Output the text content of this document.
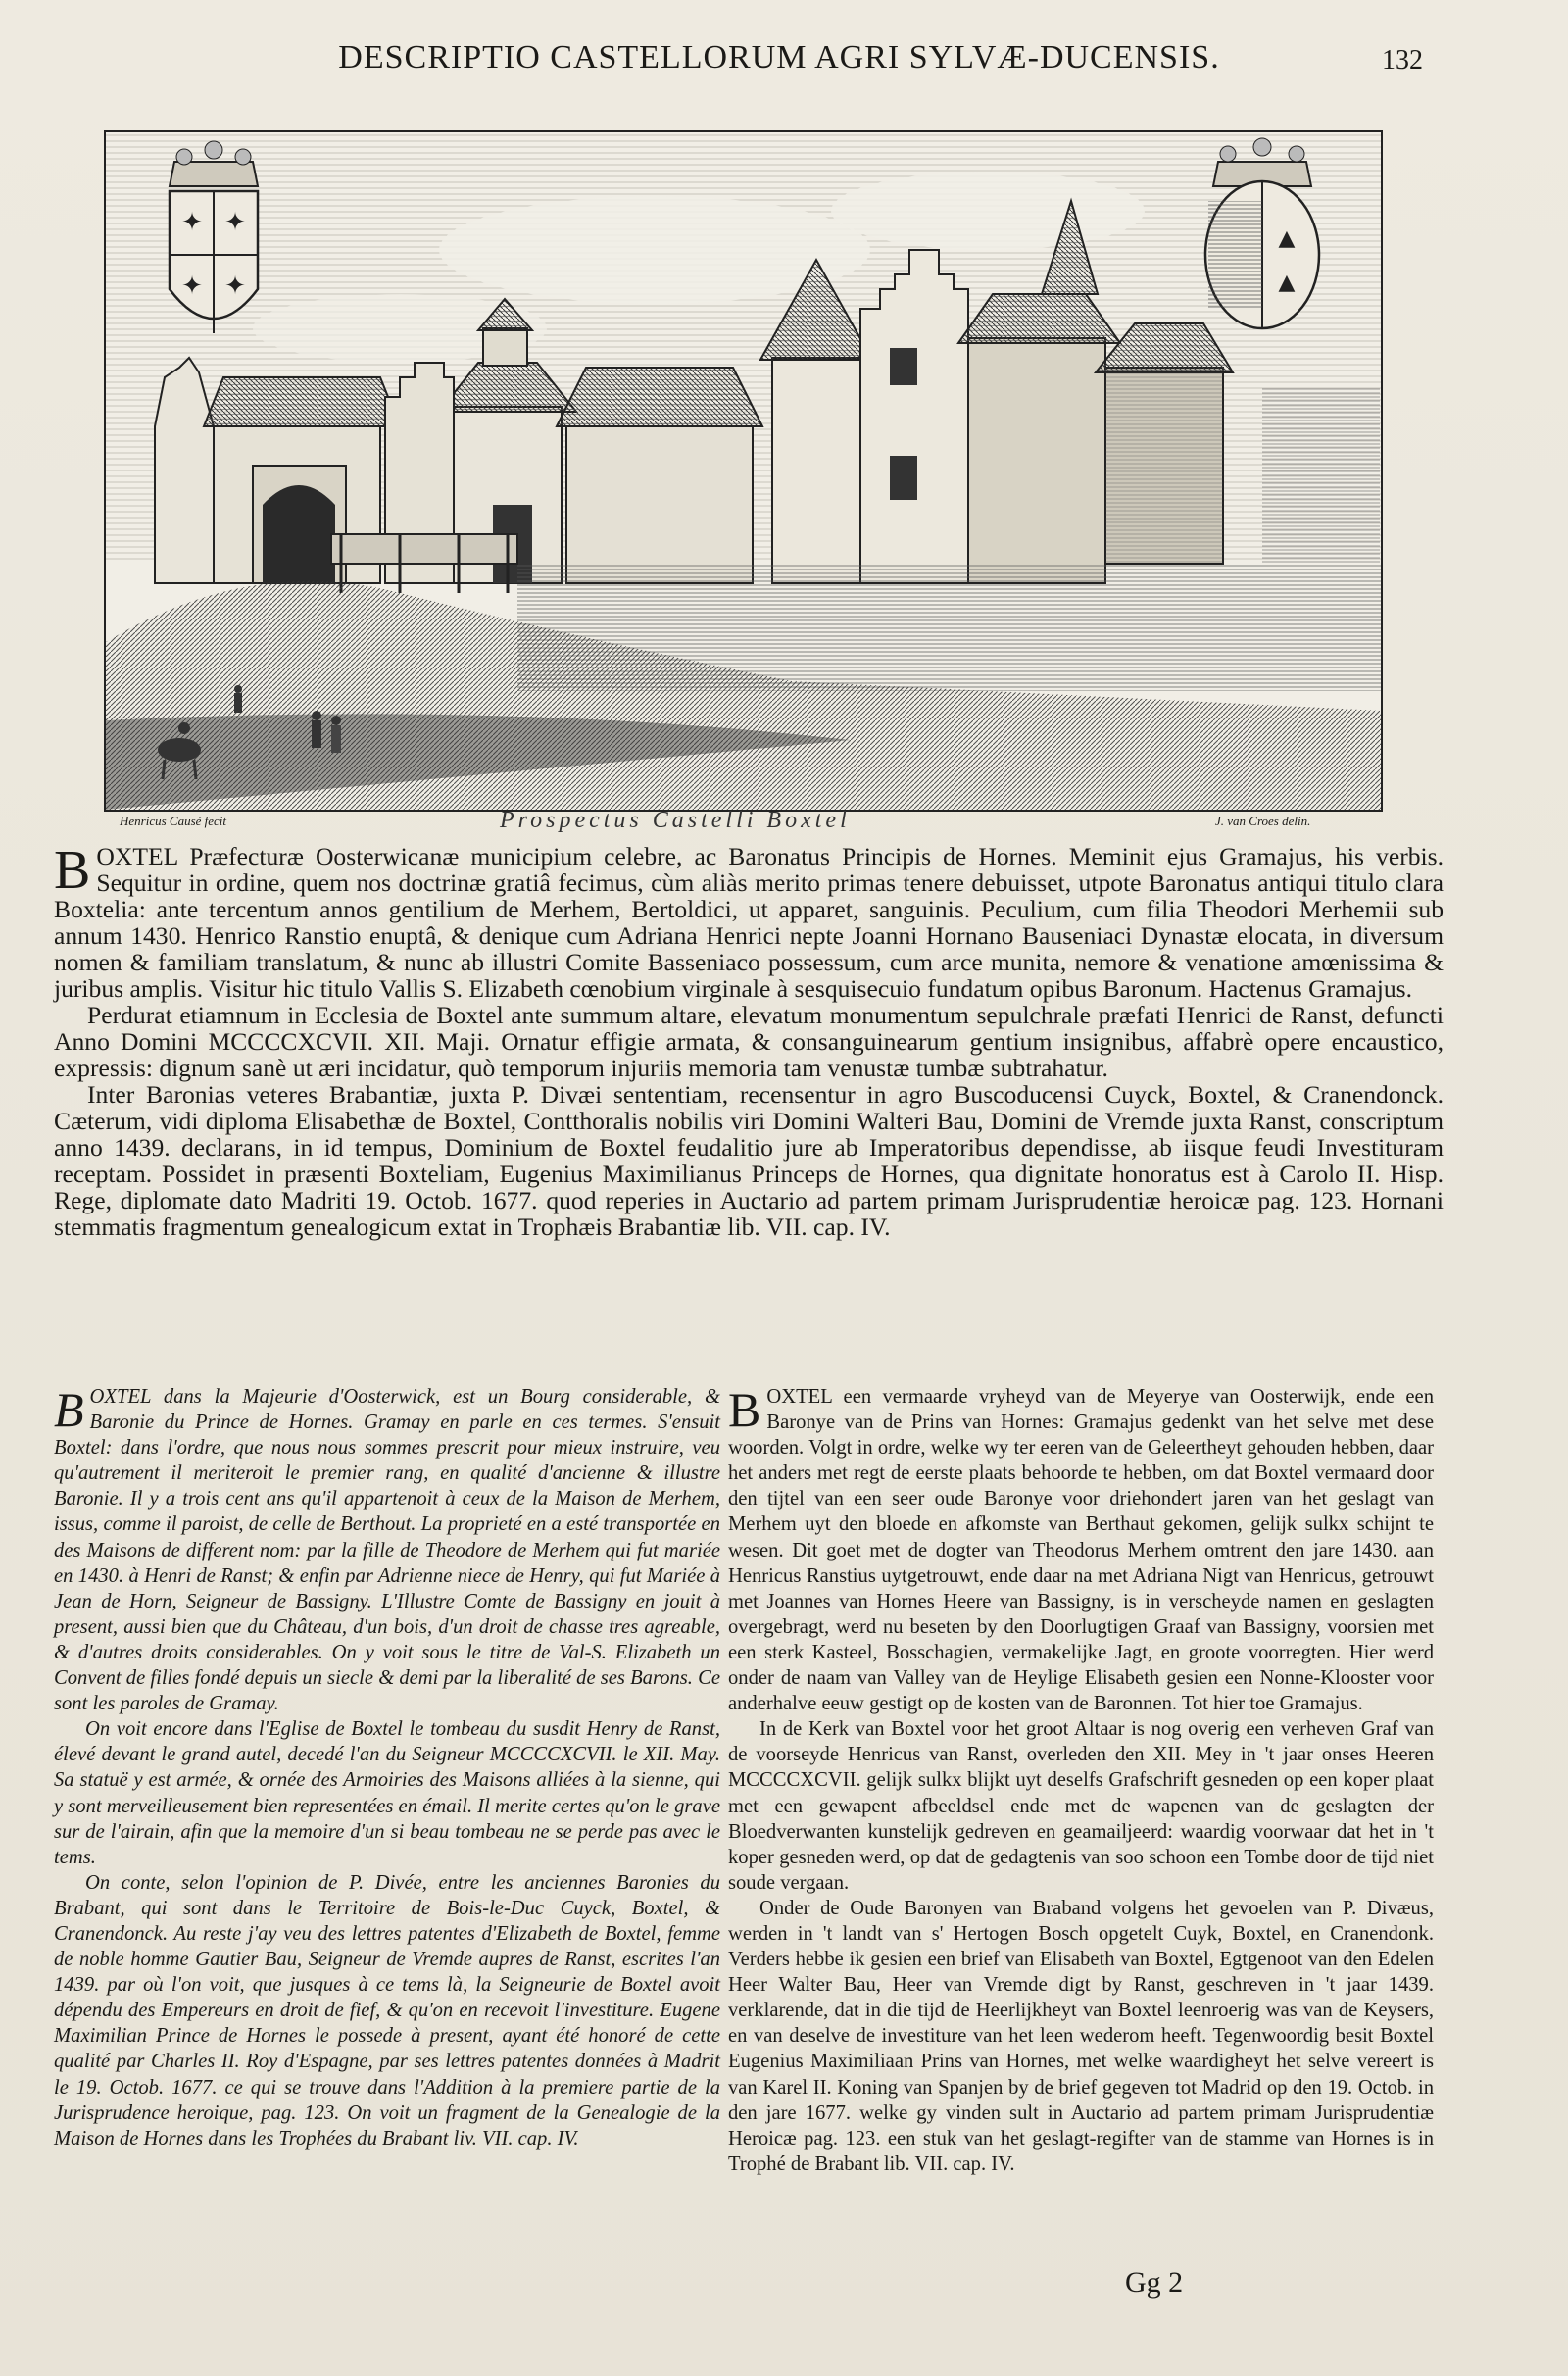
DESCRIPTIO CASTELLORUM AGRI SYLVÆ-DUCENSIS.	132
✦ ✦
✦ ✦
▲
▲
Henricus Causé fecit	Prospectus Castelli Boxtel	J. van Croes delin.

BOXTEL Præfecturæ Oosterwicanæ municipium celebre, ac Baronatus Principis de Hornes. Meminit ejus Gramajus, his verbis. Sequitur in ordine, quem nos doctrinæ gratiâ fecimus, cùm aliàs merito primas tenere debuisset, utpote Baronatus antiqui titulo clara Boxtelia: ante tercentum annos gentilium de Merhem, Bertoldici, ut apparet, sanguinis. Peculium, cum filia Theodori Merhemii sub annum 1430. Henrico Ranstio enuptâ, & denique cum Adriana Henrici nepte Joanni Hornano Bauseniaci Dynastæ elocata, in diversum nomen & familiam translatum, & nunc ab illustri Comite Basseniaco possessum, cum arce munita, nemore & venatione amœnissima & juribus amplis. Visitur hic titulo Vallis S. Elizabeth cœnobium virginale à sesquisecuio fundatum opibus Baronum. Hactenus Gramajus.

Perdurat etiamnum in Ecclesia de Boxtel ante summum altare, elevatum monumentum sepulchrale præfati Henrici de Ranst, defuncti Anno Domini MCCCCXCVII. XII. Maji. Ornatur effigie armata, & consanguinearum gentium insignibus, affabrè opere encaustico, expressis: dignum sanè ut æri incidatur, quò temporum injuriis memoria tam venustæ tumbæ subtrahatur.

Inter Baronias veteres Brabantiæ, juxta P. Divæi sententiam, recensentur in agro Buscoducensi Cuyck, Boxtel, & Cranendonck. Cæterum, vidi diploma Elisabethæ de Boxtel, Contthoralis nobilis viri Domini Walteri Bau, Domini de Vremde juxta Ranst, conscriptum anno 1439. declarans, in id tempus, Dominium de Boxtel feudalitio jure ab Imperatoribus dependisse, ab iisque feudi Investituram receptam. Possidet in præsenti Boxteliam, Eugenius Maximilianus Princeps de Hornes, qua dignitate honoratus est à Carolo II. Hisp. Rege, diplomate dato Madriti 19. Octob. 1677. quod reperies in Auctario ad partem primam Jurisprudentiæ heroicæ pag. 123. Hornani stemmatis fragmentum genealogicum extat in Trophæis Brabantiæ lib. VII. cap. IV.

BOXTEL dans la Majeurie d'Oosterwick, est un Bourg considerable, & Baronie du Prince de Hornes. Gramay en parle en ces termes. S'ensuit Boxtel: dans l'ordre, que nous nous sommes prescrit pour mieux instruire, veu qu'autrement il meriteroit le premier rang, en qualité d'ancienne & illustre Baronie. Il y a trois cent ans qu'il appartenoit à ceux de la Maison de Merhem, issus, comme il paroist, de celle de Berthout. La proprieté en a esté transportée en des Maisons de different nom: par la fille de Theodore de Merhem qui fut mariée en 1430. à Henri de Ranst; & enfin par Adrienne niece de Henry, qui fut Mariée à Jean de Horn, Seigneur de Bassigny. L'Illustre Comte de Bassigny en jouit à present, aussi bien que du Château, d'un bois, d'un droit de chasse tres agreable, & d'autres droits considerables. On y voit sous le titre de Val-S. Elizabeth un Convent de filles fondé depuis un siecle & demi par la liberalité de ses Barons. Ce sont les paroles de Gramay.

On voit encore dans l'Eglise de Boxtel le tombeau du susdit Henry de Ranst, élevé devant le grand autel, decedé l'an du Seigneur MCCCCXCVII. le XII. May. Sa statuë y est armée, & ornée des Armoiries des Maisons alliées à la sienne, qui y sont merveilleusement bien representées en émail. Il merite certes qu'on le grave sur de l'airain, afin que la memoire d'un si beau tombeau ne se perde pas avec le tems.

On conte, selon l'opinion de P. Divée, entre les anciennes Baronies du Brabant, qui sont dans le Territoire de Bois-le-Duc Cuyck, Boxtel, & Cranendonck. Au reste j'ay veu des lettres patentes d'Elizabeth de Boxtel, femme de noble homme Gautier Bau, Seigneur de Vremde aupres de Ranst, escrites l'an 1439. par où l'on voit, que jusques à ce tems là, la Seigneurie de Boxtel avoit dépendu des Empereurs en droit de fief, & qu'on en recevoit l'investiture. Eugene Maximilian Prince de Hornes le possede à present, ayant été honoré de cette qualité par Charles II. Roy d'Espagne, par ses lettres patentes données à Madrit le 19. Octob. 1677. ce qui se trouve dans l'Addition à la premiere partie de la Jurisprudence heroique, pag. 123. On voit un fragment de la Genealogie de la Maison de Hornes dans les Trophées du Brabant liv. VII. cap. IV.

BOXTEL een vermaarde vryheyd van de Meyerye van Oosterwijk, ende een Baronye van de Prins van Hornes: Gramajus gedenkt van het selve met dese woorden. Volgt in ordre, welke wy ter eeren van de Geleertheyt gehouden hebben, daar het anders met regt de eerste plaats behoorde te hebben, om dat Boxtel vermaard door den tijtel van een seer oude Baronye voor driehondert jaren van het geslagt van Merhem uyt den bloede en afkomste van Berthaut gekomen, gelijk sulkx schijnt te wesen. Dit goet met de dogter van Theodorus Merhem omtrent den jare 1430. aan Henricus Ranstius uytgetrouwt, ende daar na met Adriana Nigt van Henricus, getrouwt met Joannes van Hornes Heere van Bassigny, is in verscheyde namen en geslagten overgebragt, werd nu beseten by den Doorlugtigen Graaf van Bassigny, voorsien met een sterk Kasteel, Bosschagien, vermakelijke Jagt, en groote voorregten. Hier werd onder de naam van Valley van de Heylige Elisabeth gesien een Nonne-Klooster voor anderhalve eeuw gestigt op de kosten van de Baronnen. Tot hier toe Gramajus.

In de Kerk van Boxtel voor het groot Altaar is nog overig een verheven Graf van de voorseyde Henricus van Ranst, overleden den XII. Mey in 't jaar onses Heeren MCCCCXCVII. gelijk sulkx blijkt uyt deselfs Grafschrift gesneden op een koper plaat met een gewapent afbeeldsel ende met de wapenen van de geslagten der Bloedverwanten kunstelijk gedreven en geamailjeerd: waardig voorwaar dat het in 't koper gesneden werd, op dat de gedagtenis van soo schoon een Tombe door de tijd niet soude vergaan.

Onder de Oude Baronyen van Braband volgens het gevoelen van P. Divæus, werden in 't landt van s' Hertogen Bosch opgetelt Cuyk, Boxtel, en Cranendonk. Verders hebbe ik gesien een brief van Elisabeth van Boxtel, Egtgenoot van den Edelen Heer Walter Bau, Heer van Vremde digt by Ranst, geschreven in 't jaar 1439. verklarende, dat in die tijd de Heerlijkheyt van Boxtel leenroerig was van de Keysers, en van deselve de investiture van het leen wederom heeft. Tegenwoordig besit Boxtel Eugenius Maximiliaan Prins van Hornes, met welke waardigheyt het selve vereert is van Karel II. Koning van Spanjen by de brief gegeven tot Madrid op den 19. Octob. in den jare 1677. welke gy vinden sult in Auctario ad partem primam Jurisprudentiæ Heroicæ pag. 123. een stuk van het geslagt-regifter van de stamme van Hornes is in Trophé de Brabant lib. VII. cap. IV.

Gg 2
